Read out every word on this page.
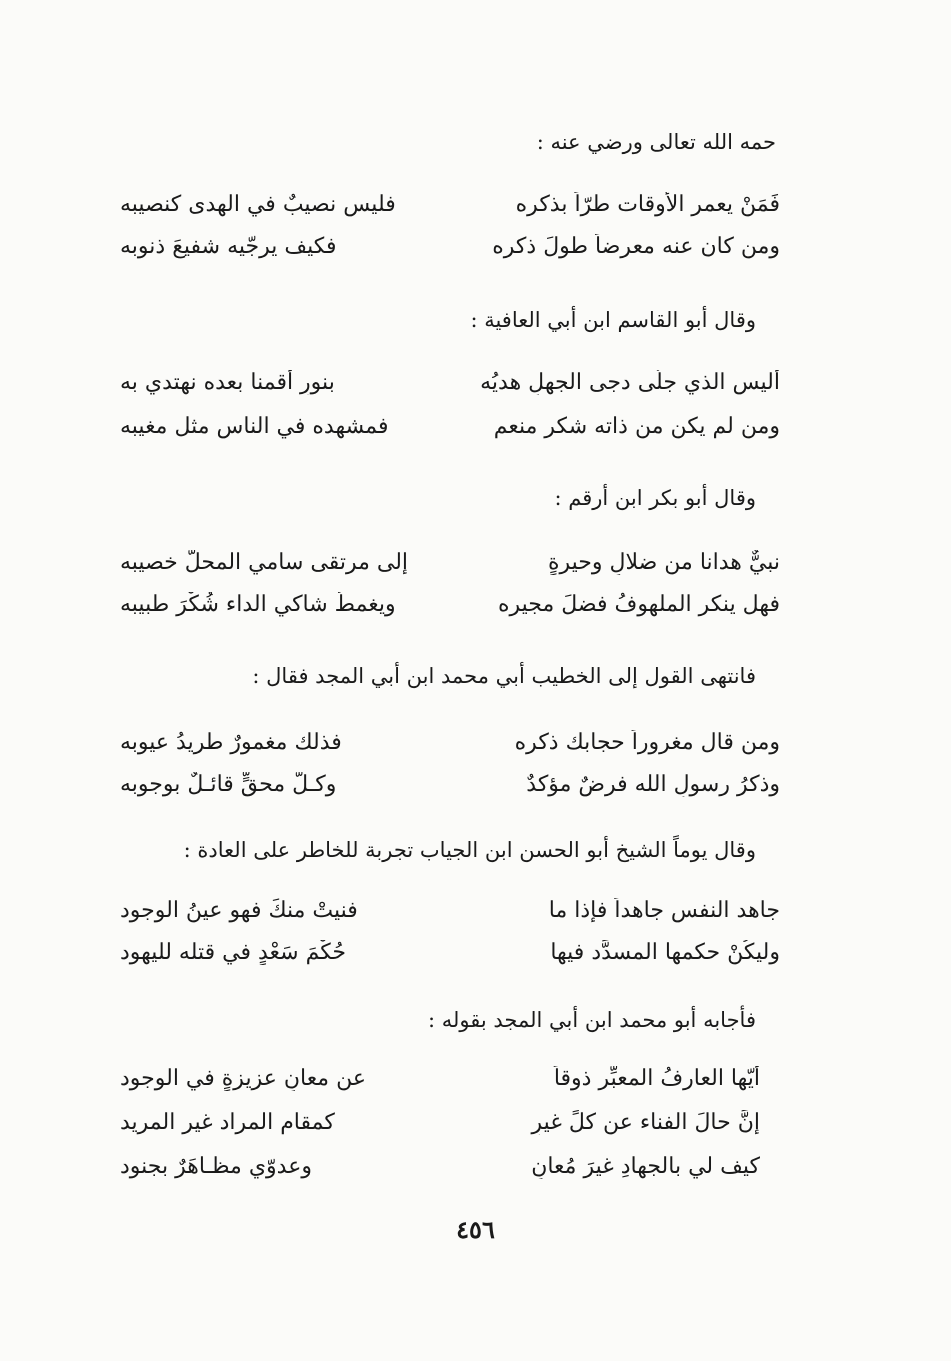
حمه الله تعالى ورضي عنه :
فَمَنْ يعمر الأوقات طرّاً بذكره
فليس نصيبٌ في الهدى كنصيبه
ومن كان عنه معرضاً طولَ ذكره
فكيف يرجّيه شفيعَ ذنوبه
وقال أبو القاسم ابن أبي العافية :
أليس الذي جلّى دجى الجهلِ هديُه
بنورٍ أقمنا بعده نهتدي به
ومن لم يكن من ذاته شكر منعم
فمشهده في الناس مثل مغيبه
وقال أبو بكر ابن أرقم :
نبيٌّ هدانا من ضلالٍ وحيرةٍ
إلى مرتقى سامي المحلّ خصيبه
فهل ينكر الملهوفُ فضلَ مجيره
ويغمطُ شاكي الداء شُكْرَ طبيبه
فانتهى القول إلى الخطيب أبي محمد ابن أبي المجد فقال :
ومن قال مغروراً حجابك ذكره
فذلك مغمورٌ طريدُ عيوبه
وذكرُ رسولِ الله فرضٌ مؤكدٌ
وكـلُّ محقٍّ قائـلٌ بوجوبه
وقال يوماً الشيخ أبو الحسن ابن الجياب تجربة للخاطر على العادة :
جاهد النفس جاهداً فإذا ما
فنيتْ منكَ فهو عينُ الوجود
وليكُنْ حكمها المسدَّد فيها
حُكْمَ سَعْدٍ في قتله لليهود
فأجابه أبو محمد ابن أبي المجد بقوله :
أيّها العارفُ المعبِّر ذوقاً
عن معانٍ عزيزةٍ في الوجود
إنَّ حالَ الفناء عن كلٍّ غيرٍ
كمقامِ المراد غيرِ المريد
كيف لي بالجهادِ غيرَ مُعانٍ
وعدوّي مظـاهَرٌ بجنود
٤٥٦
